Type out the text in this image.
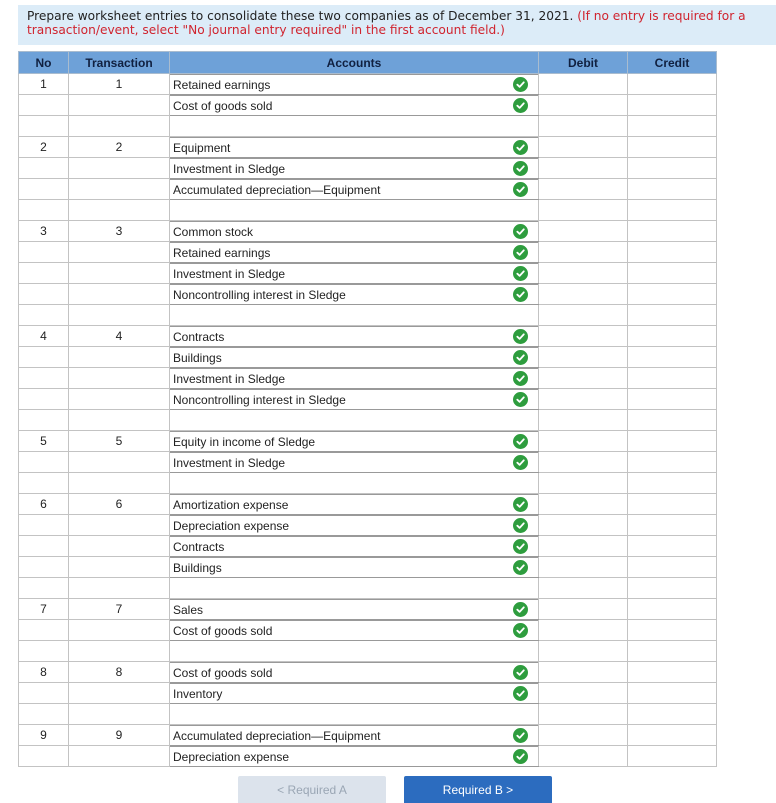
Prepare worksheet entries to consolidate these two companies as of December 31, 2021. (If no entry is required for a transaction/event, select "No journal entry required" in the first account field.)
No	Transaction	Accounts	Debit	Credit
1	1	Retained earnings		

		Cost of goods sold		

2	2	Equipment		

		Investment in Sledge		

		Accumulated depreciation—Equipment		

3	3	Common stock		

		Retained earnings		

		Investment in Sledge		

		Noncontrolling interest in Sledge		

4	4	Contracts		

		Buildings		

		Investment in Sledge		

		Noncontrolling interest in Sledge		

5	5	Equity in income of Sledge		

		Investment in Sledge		

6	6	Amortization expense		

		Depreciation expense		

		Contracts		

		Buildings		

7	7	Sales		

		Cost of goods sold		

8	8	Cost of goods sold		

		Inventory		

9	9	Accumulated depreciation—Equipment		

		Depreciation expense		

< Required A	Required B >
